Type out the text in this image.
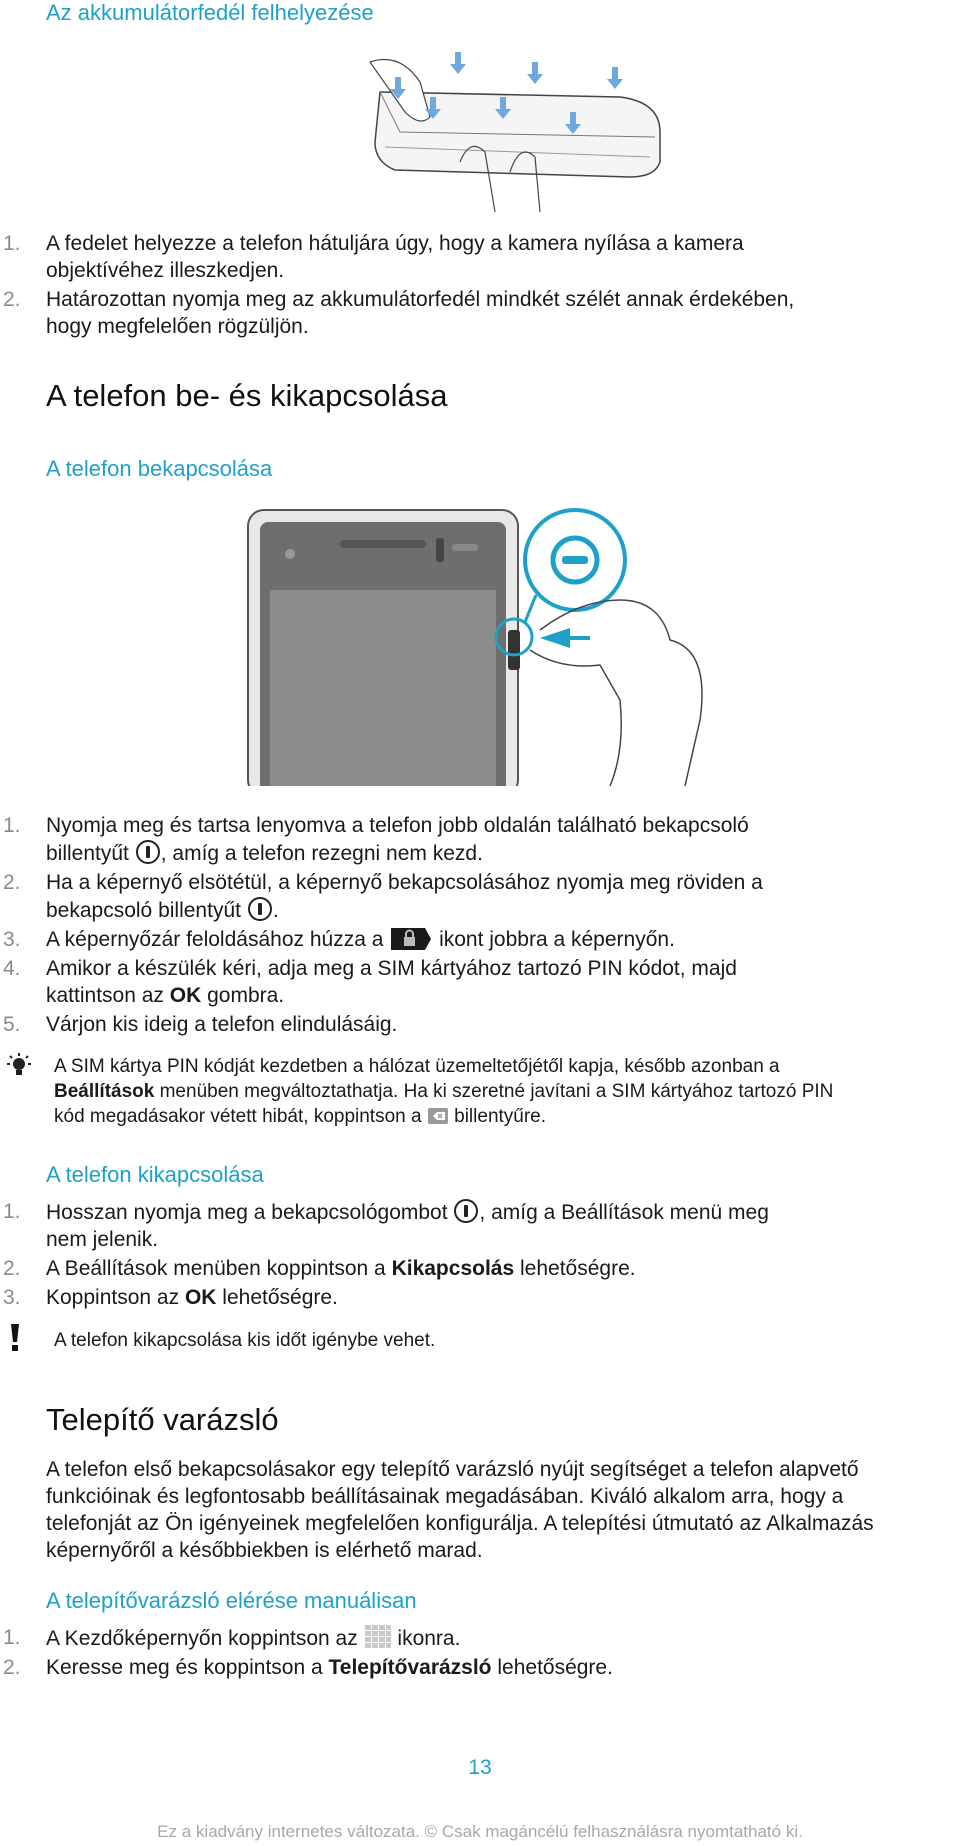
Az akkumulátorfedél felhelyezése
1. A fedelet helyezze a telefon hátuljára úgy, hogy a kamera nyílása a kamera
objektívéhez illeszkedjen.
2. Határozottan nyomja meg az akkumulátorfedél mindkét szélét annak érdekében,
hogy megfelelően rögzüljön.
A telefon be- és kikapcsolása
A telefon bekapcsolása
1. Nyomja meg és tartsa lenyomva a telefon jobb oldalán található bekapcsoló
billentyűt , amíg a telefon rezegni nem kezd.
2. Ha a képernyő elsötétül, a képernyő bekapcsolásához nyomja meg röviden a
bekapcsoló billentyűt .
3. A képernyőzár feloldásához húzza a	ikont jobbra a képernyőn.
4. Amikor a készülék kéri, adja meg a SIM kártyához tartozó PIN kódot, majd
kattintson az OK gombra.
5. Várjon kis ideig a telefon elindulásáig.

A SIM kártya PIN kódját kezdetben a hálózat üzemeltetőjétől kapja, később azonban a
Beállítások menüben megváltoztathatja. Ha ki szeretné javítani a SIM kártyához tartozó PIN
kód megadásakor vétett hibát, koppintson a billentyűre.

A telefon kikapcsolása
1. Hosszan nyomja meg a bekapcsológombot , amíg a Beállítások menü meg
nem jelenik.
2. A Beállítások menüben koppintson a Kikapcsolás lehetőségre.
3. Koppintson az OK lehetőségre.

A telefon kikapcsolása kis időt igénybe vehet.

Telepítő varázsló

A telefon első bekapcsolásakor egy telepítő varázsló nyújt segítséget a telefon alapvető
funkcióinak és legfontosabb beállításainak megadásában. Kiváló alkalom arra, hogy a
telefonját az Ön igényeinek megfelelően konfigurálja. A telepítési útmutató az Alkalmazás
képernyőről a későbbiekben is elérhető marad.

A telepítővarázsló elérése manuálisan
1. A Kezdőképernyőn koppintson az ikonra.
2. Keresse meg és koppintson a Telepítővarázsló lehetőségre.
13
Ez a kiadvány internetes változata. © Csak magáncélú felhasználásra nyomtatható ki.
